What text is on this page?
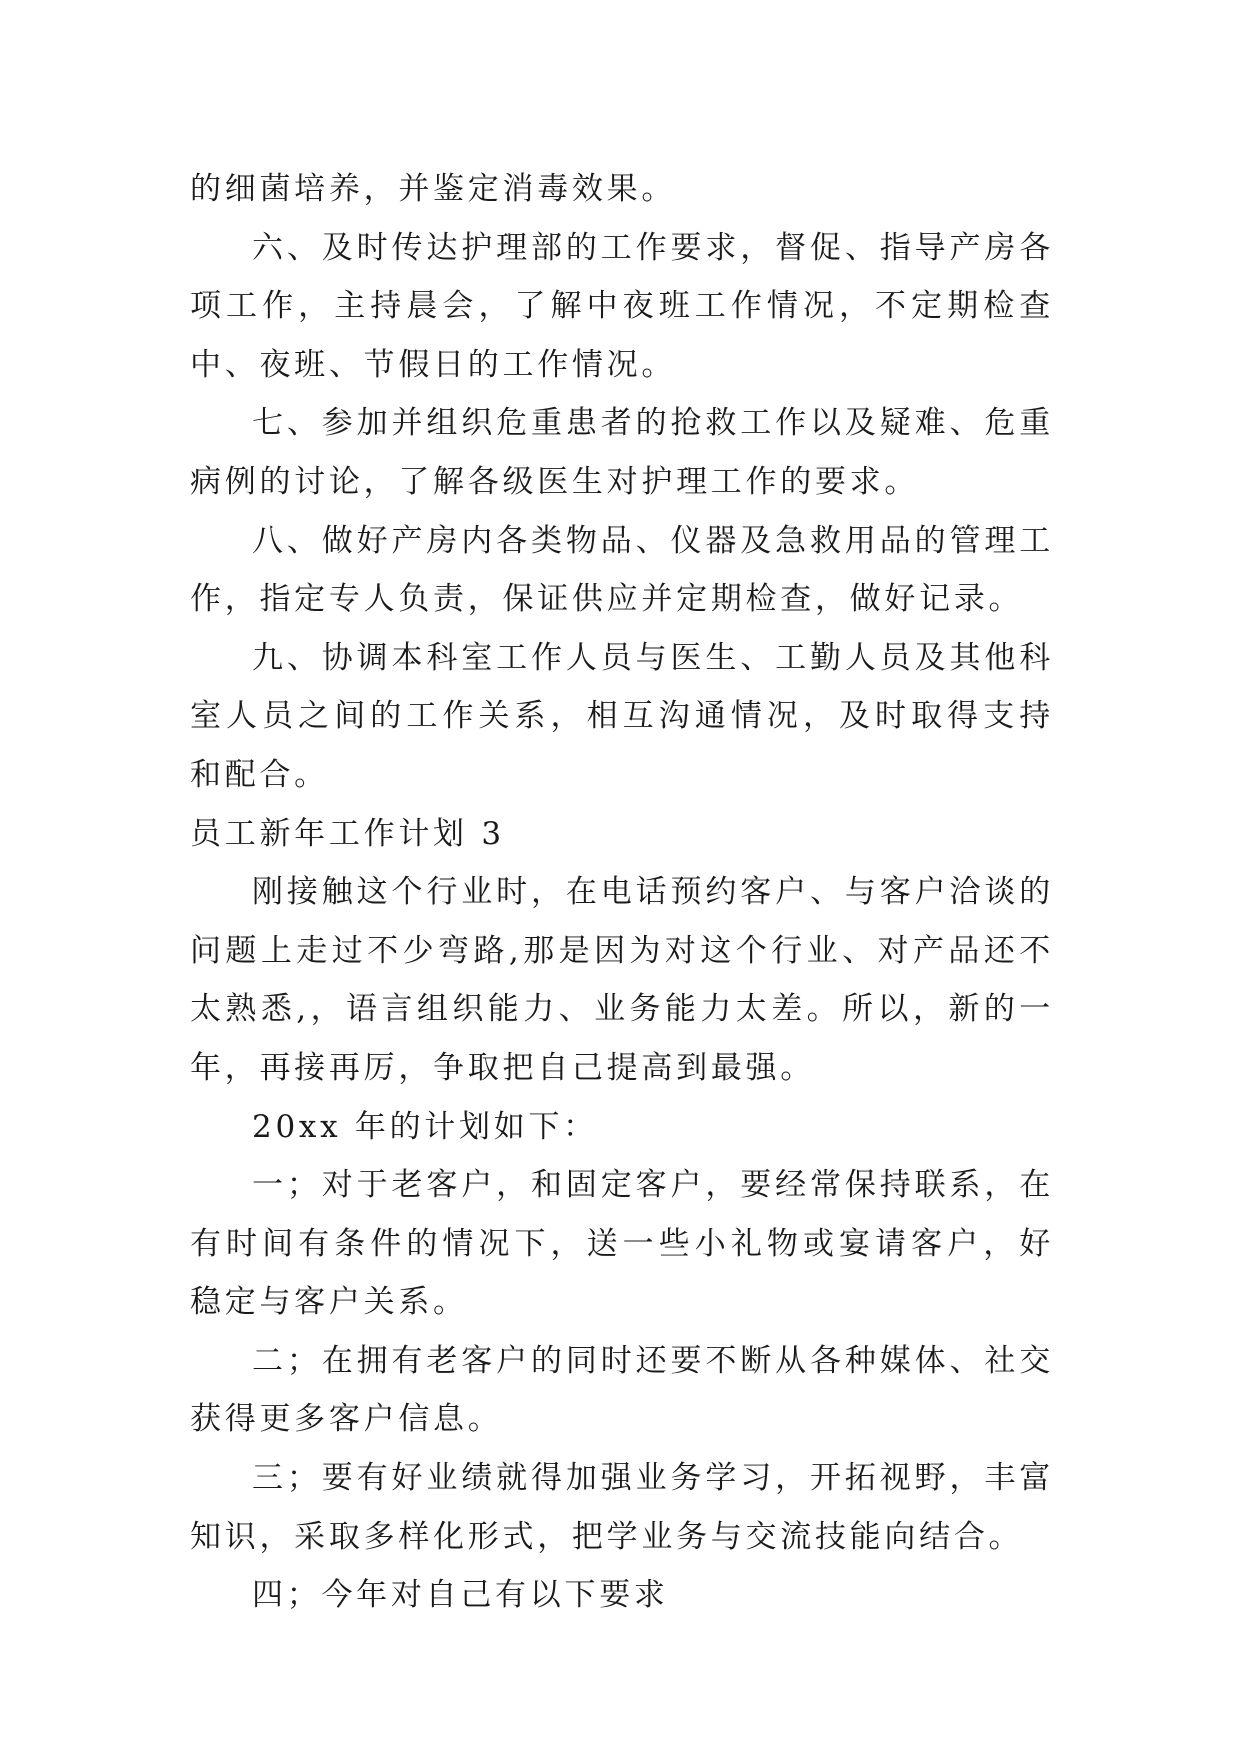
的细菌培养，并鉴定消毒效果。

六、及时传达护理部的工作要求，督促、指导产房各项工作，主持晨会，了解中夜班工作情况，不定期检查中、夜班、节假日的工作情况。

七、参加并组织危重患者的抢救工作以及疑难、危重病例的讨论，了解各级医生对护理工作的要求。

八、做好产房内各类物品、仪器及急救用品的管理工作，指定专人负责，保证供应并定期检查，做好记录。

九、协调本科室工作人员与医生、工勤人员及其他科室人员之间的工作关系，相互沟通情况，及时取得支持和配合。

员工新年工作计划 3

刚接触这个行业时，在电话预约客户、与客户洽谈的问题上走过不少弯路,那是因为对这个行业、对产品还不太熟悉,，语言组织能力、业务能力太差。所以，新的一年，再接再厉，争取把自己提高到最强。

20xx 年的计划如下：

一；对于老客户，和固定客户，要经常保持联系，在有时间有条件的情况下，送一些小礼物或宴请客户，好稳定与客户关系。

二；在拥有老客户的同时还要不断从各种媒体、社交获得更多客户信息。

三；要有好业绩就得加强业务学习，开拓视野，丰富知识，采取多样化形式，把学业务与交流技能向结合。

四；今年对自己有以下要求
